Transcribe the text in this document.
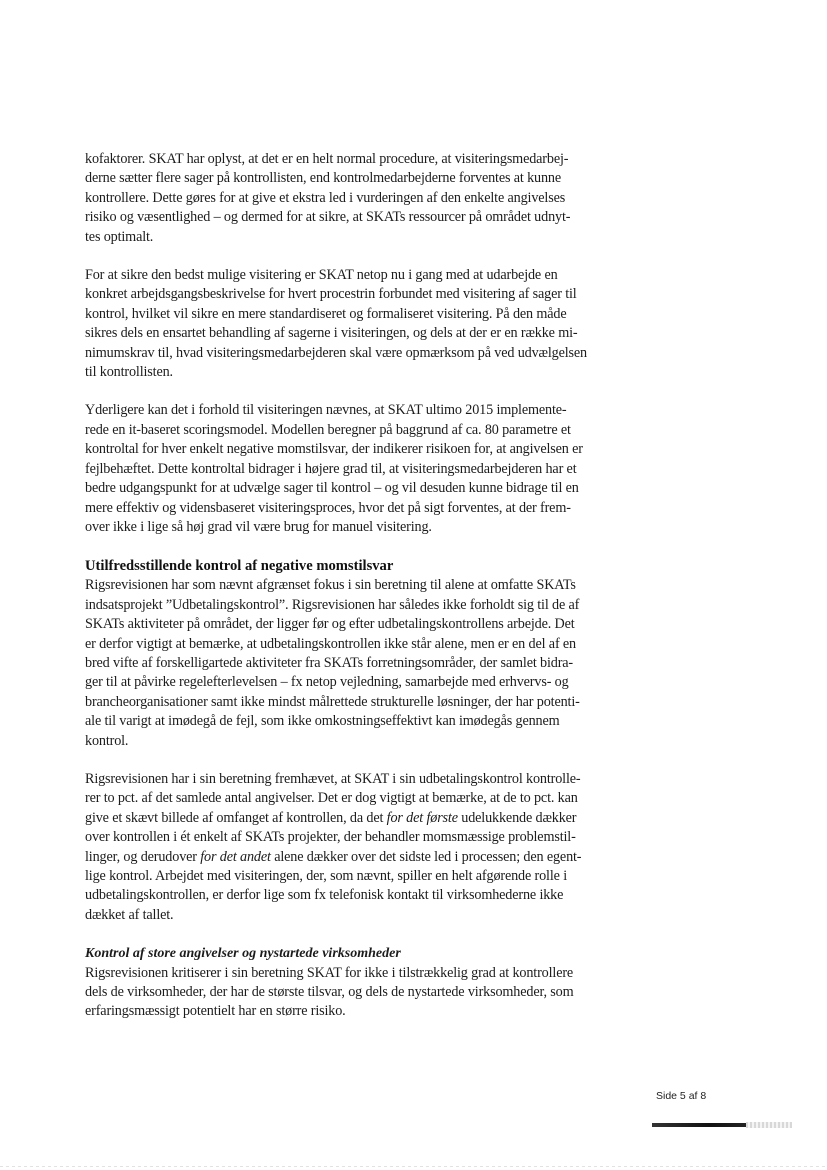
kofaktorer. SKAT har oplyst, at det er en helt normal procedure, at visiteringsmedarbej-
derne sætter flere sager på kontrollisten, end kontrolmedarbejderne forventes at kunne
kontrollere. Dette gøres for at give et ekstra led i vurderingen af den enkelte angivelses
risiko og væsentlighed – og dermed for at sikre, at SKATs ressourcer på området udnyt-
tes optimalt.

For at sikre den bedst mulige visitering er SKAT netop nu i gang med at udarbejde en
konkret arbejdsgangsbeskrivelse for hvert procestrin forbundet med visitering af sager til
kontrol, hvilket vil sikre en mere standardiseret og formaliseret visitering. På den måde
sikres dels en ensartet behandling af sagerne i visiteringen, og dels at der er en række mi-
nimumskrav til, hvad visiteringsmedarbejderen skal være opmærksom på ved udvælgelsen
til kontrollisten.

Yderligere kan det i forhold til visiteringen nævnes, at SKAT ultimo 2015 implemente-
rede en it-baseret scoringsmodel. Modellen beregner på baggrund af ca. 80 parametre et
kontroltal for hver enkelt negative momstilsvar, der indikerer risikoen for, at angivelsen er
fejlbehæftet. Dette kontroltal bidrager i højere grad til, at visiteringsmedarbejderen har et
bedre udgangspunkt for at udvælge sager til kontrol – og vil desuden kunne bidrage til en
mere effektiv og vidensbaseret visiteringsproces, hvor det på sigt forventes, at der frem-
over ikke i lige så høj grad vil være brug for manuel visitering.

Utilfredsstillende kontrol af negative momstilsvar

Rigsrevisionen har som nævnt afgrænset fokus i sin beretning til alene at omfatte SKATs
indsatsprojekt ”Udbetalingskontrol”. Rigsrevisionen har således ikke forholdt sig til de af
SKATs aktiviteter på området, der ligger før og efter udbetalingskontrollens arbejde. Det
er derfor vigtigt at bemærke, at udbetalingskontrollen ikke står alene, men er en del af en
bred vifte af forskelligartede aktiviteter fra SKATs forretningsområder, der samlet bidra-
ger til at påvirke regelefterlevelsen – fx netop vejledning, samarbejde med erhvervs- og
brancheorganisationer samt ikke mindst målrettede strukturelle løsninger, der har potenti-
ale til varigt at imødegå de fejl, som ikke omkostningseffektivt kan imødegås gennem
kontrol.

Rigsrevisionen har i sin beretning fremhævet, at SKAT i sin udbetalingskontrol kontrolle-
rer to pct. af det samlede antal angivelser. Det er dog vigtigt at bemærke, at de to pct. kan
give et skævt billede af omfanget af kontrollen, da det for det første udelukkende dækker
over kontrollen i ét enkelt af SKATs projekter, der behandler momsmæssige problemstil-
linger, og derudover for det andet alene dækker over det sidste led i processen; den egent-
lige kontrol. Arbejdet med visiteringen, der, som nævnt, spiller en helt afgørende rolle i
udbetalingskontrollen, er derfor lige som fx telefonisk kontakt til virksomhederne ikke
dækket af tallet.

Kontrol af store angivelser og nystartede virksomheder

Rigsrevisionen kritiserer i sin beretning SKAT for ikke i tilstrækkelig grad at kontrollere
dels de virksomheder, der har de største tilsvar, og dels de nystartede virksomheder, som
erfaringsmæssigt potentielt har en større risiko.

Side 5 af 8
